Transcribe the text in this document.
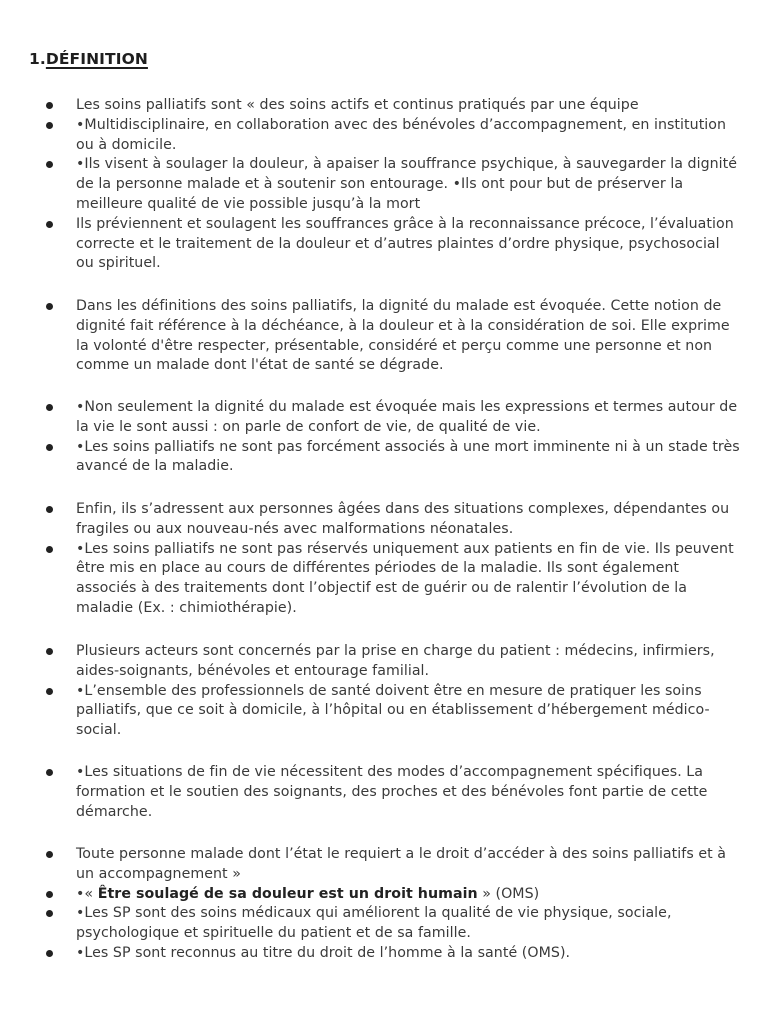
1.DÉFINITION
Les soins palliatifs sont « des soins actifs et continus pratiqués par une équipe
•Multidisciplinaire, en collaboration avec des bénévoles d’accompagnement, en institution ou à domicile.
•Ils visent à soulager la douleur, à apaiser la souffrance psychique, à sauvegarder la dignité de la personne malade et à soutenir son entourage. •Ils ont pour but de préserver la meilleure qualité de vie possible jusqu’à la mort
Ils préviennent et soulagent les souffrances grâce à la reconnaissance précoce, l’évaluation correcte et le traitement de la douleur et d’autres plaintes d’ordre physique, psychosocial ou spirituel.
Dans les définitions des soins palliatifs, la dignité du malade est évoquée. Cette notion de dignité fait référence à la déchéance, à la douleur et à la considération de soi. Elle exprime la volonté d'être respecter, présentable, considéré et perçu comme une personne et non comme un malade dont l'état de santé se dégrade.
•Non seulement la dignité du malade est évoquée mais les expressions et termes autour de la vie le sont aussi : on parle de confort de vie, de qualité de vie.
•Les soins palliatifs ne sont pas forcément associés à une mort imminente ni à un stade très avancé de la maladie.
Enfin, ils s’adressent aux personnes âgées dans des situations complexes, dépendantes ou fragiles ou aux nouveau-nés avec malformations néonatales.
•Les soins palliatifs ne sont pas réservés uniquement aux patients en fin de vie. Ils peuvent être mis en place au cours de différentes périodes de la maladie. Ils sont également associés à des traitements dont l’objectif est de guérir ou de ralentir l’évolution de la maladie (Ex. : chimiothérapie).
Plusieurs acteurs sont concernés par la prise en charge du patient : médecins, infirmiers, aides-soignants, bénévoles et entourage familial.
•L’ensemble des professionnels de santé doivent être en mesure de pratiquer les soins palliatifs, que ce soit à domicile, à l’hôpital ou en établissement d’hébergement médico-social.
•Les situations de fin de vie nécessitent des modes d’accompagnement spécifiques. La formation et le soutien des soignants, des proches et des bénévoles font partie de cette démarche.
Toute personne malade dont l’état le requiert a le droit d’accéder à des soins palliatifs et à un accompagnement »
•« Être soulagé de sa douleur est un droit humain » (OMS)
•Les SP sont des soins médicaux qui améliorent la qualité de vie physique, sociale, psychologique et spirituelle du patient et de sa famille.
•Les SP sont reconnus au titre du droit de l’homme à la santé (OMS).
